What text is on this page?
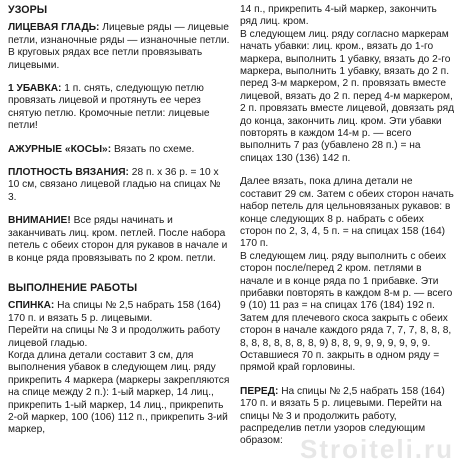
УЗОРЫ

ЛИЦЕВАЯ ГЛАДЬ: Лицевые ряды — лицевые петли, изнаночные ряды — изнаночные петли. В круговых рядах все петли провязывать лицевыми.

1 УБАВКА: 1 п. снять, следующую петлю провязать лицевой и протянуть ее через снятую петлю. Кромочные петли: лицевые петли!

АЖУРНЫЕ «КОСЫ»: Вязать по схеме.

ПЛОТНОСТЬ ВЯЗАНИЯ: 28 п. x 36 р. = 10 x 10 см, связано лицевой гладью на спицах № 3.

ВНИМАНИЕ! Все ряды начинать и заканчивать лиц. кром. петлей. После набора петель с обеих сторон для рукавов в начале и в конце ряда провязывать по 2 кром. петли.

ВЫПОЛНЕНИЕ РАБОТЫ

СПИНКА: На спицы № 2,5 набрать 158 (164) 170 п. и вязать 5 р. лицевыми.

Перейти на спицы № 3 и продолжить работу лицевой гладью.

Когда длина детали составит 3 см, для выполнения убавок в следующем лиц. ряду прикрепить 4 маркера (маркеры закрепляются на спице между 2 п.): 1-ый маркер, 14 лиц., прикрепить 1-ый маркер, 14 лиц., прикрепить 2-ой маркер, 100 (106) 112 п., прикрепить 3-ий маркер,

14 п., прикрепить 4-ый маркер, закончить ряд лиц. кром.

В следующем лиц. ряду согласно маркерам начать убавки: лиц. кром., вязать до 1-го маркера, выполнить 1 убавку, вязать до 2-го маркера, выполнить 1 убавку, вязать до 2 п. перед 3-м маркером, 2 п. провязать вместе лицевой, вязать до 2 п. перед 4-м маркером, 2 п. провязать вместе лицевой, довязать ряд до конца, закончить лиц. кром. Эти убавки повторять в каждом 14-м р. — всего выполнить 7 раз (убавлено 28 п.) = на спицах 130 (136) 142 п.

Далее вязать, пока длина детали не составит 29 см. Затем с обеих сторон начать набор петель для цельновязаных рукавов: в конце следующих 8 р. набрать с обеих сторон по 2, 3, 4, 5 п. = на спицах 158 (164) 170 п.

В следующем лиц. ряду выполнить с обеих сторон после/перед 2 кром. петлями в начале и в конце ряда по 1 прибавке. Эти прибавки повторять в каждом 8-м р. — всего 9 (10) 11 раз = на спицах 176 (184) 192 п.

Затем для плечевого скоса закрыть с обеих сторон в начале каждого ряда 7, 7, 7, 8, 8, 8, 8, 8, 8, 8, 8, 8, 8, 9) 8, 8, 9, 9, 9, 9, 9, 9, 9. Оставшиеся 70 п. закрыть в одном ряду = прямой край горловины.

ПЕРЕД: На спицы № 2,5 набрать 158 (164) 170 п. и вязать 5 р. лицевыми. Перейти на спицы № 3 и продолжить работу, распределив петли узоров следующим образом: Stroiteli.ru
